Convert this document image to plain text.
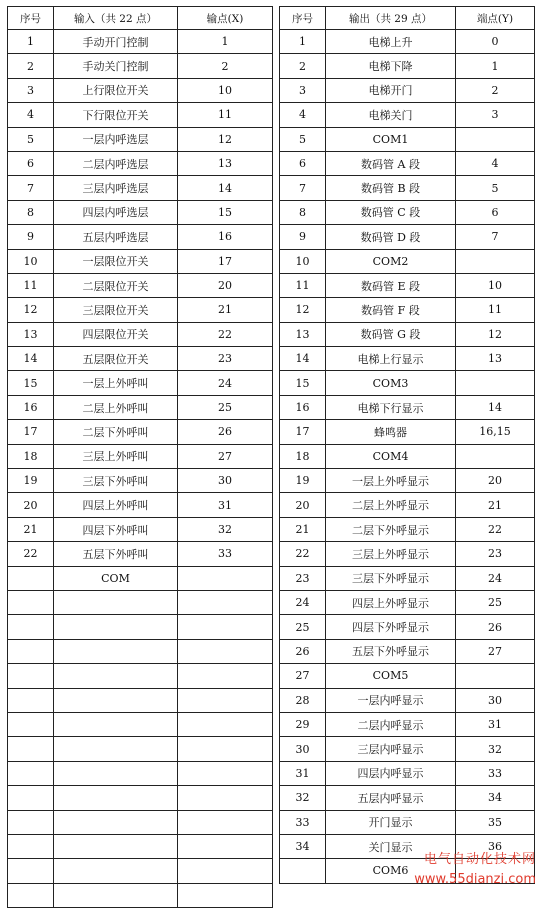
序号	输入（共 22 点）	输点(X)
1	手动开门控制	1
2	手动关门控制	2
3	上行限位开关	10
4	下行限位开关	11
5	一层内呼选层	12
6	二层内呼选层	13
7	三层内呼选层	14
8	四层内呼选层	15
9	五层内呼选层	16
10	一层限位开关	17
11	二层限位开关	20
12	三层限位开关	21
13	四层限位开关	22
14	五层限位开关	23
15	一层上外呼叫	24
16	二层上外呼叫	25
17	二层下外呼叫	26
18	三层上外呼叫	27
19	三层下外呼叫	30
20	四层上外呼叫	31
21	四层下外呼叫	32
22	五层下外呼叫	33
	COM	

序号	输出（共 29 点）	端点(Y)
1	电梯上升	0
2	电梯下降	1
3	电梯开门	2
4	电梯关门	3
5	COM1	
6	数码管 A 段	4
7	数码管 B 段	5
8	数码管 C 段	6
9	数码管 D 段	7
10	COM2	
11	数码管 E 段	10
12	数码管 F 段	11
13	数码管 G 段	12
14	电梯上行显示	13
15	COM3	
16	电梯下行显示	14
17	蜂鸣器	16,15
18	COM4	
19	一层上外呼显示	20
20	二层上外呼显示	21
21	二层下外呼显示	22
22	三层上外呼显示	23
23	三层下外呼显示	24
24	四层上外呼显示	25
25	四层下外呼显示	26
26	五层下外呼显示	27
27	COM5	
28	一层内呼显示	30
29	二层内呼显示	31
30	三层内呼显示	32
31	四层内呼显示	33
32	五层内呼显示	34
33	开门显示	35
34	关门显示	36
	COM6	
电气自动化技术网
www.55dianzi.com
